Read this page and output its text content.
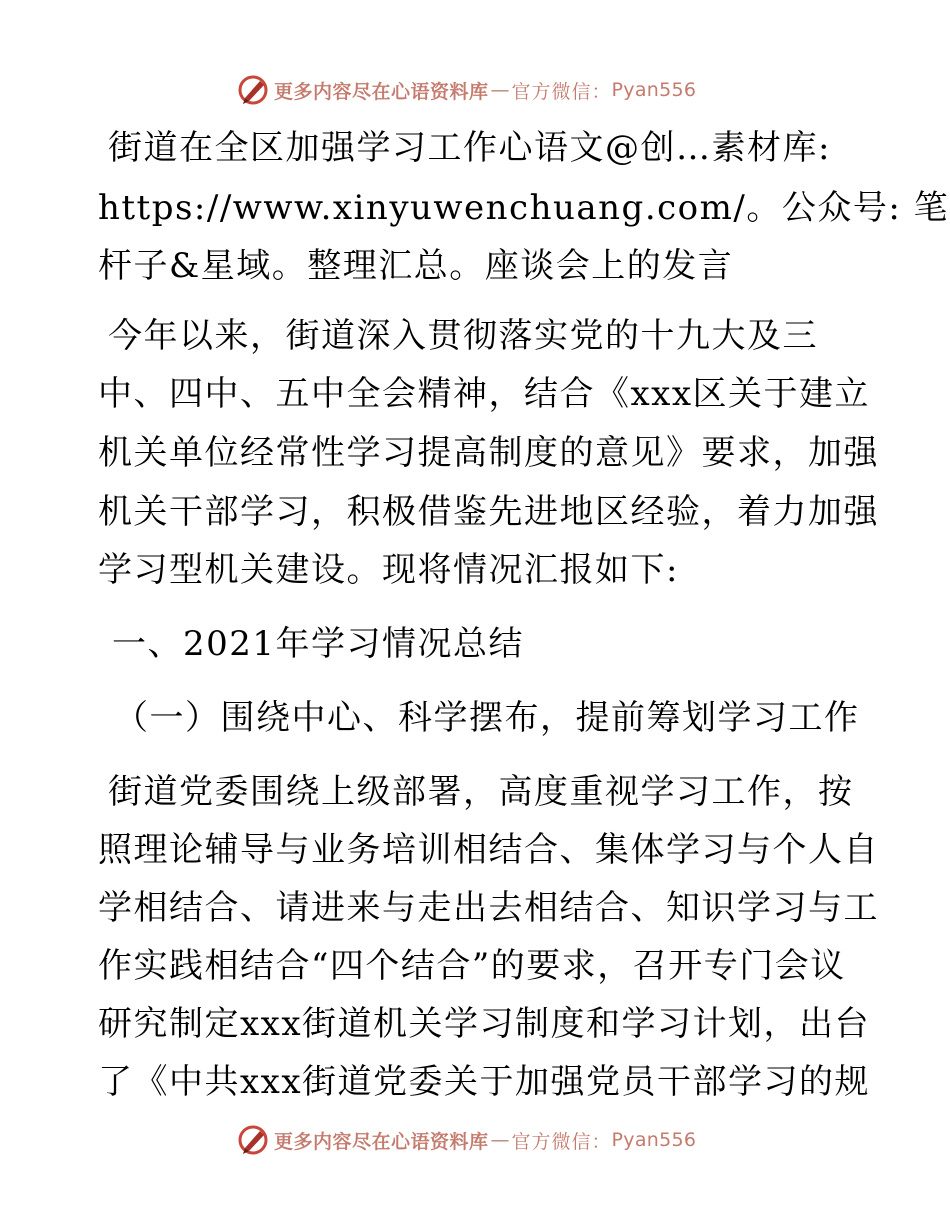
更多内容尽在心语资料库 — 官方微信： Pyan556
街道在全区加强学习工作心语文@创…素材库:
https://www.xinyuwenchuang.com/。公众号: 笔
杆子&星域。整理汇总。座谈会上的发言
今年以来，街道深入贯彻落实党的十九大及三
中、四中、五中全会精神，结合《xxx区关于建立
机关单位经常性学习提高制度的意见》要求，加强
机关干部学习，积极借鉴先进地区经验，着力加强
学习型机关建设。现将情况汇报如下:
一、2021年学习情况总结
（一）围绕中心、科学摆布，提前筹划学习工作
街道党委围绕上级部署，高度重视学习工作，按
照理论辅导与业务培训相结合、集体学习与个人自
学相结合、请进来与走出去相结合、知识学习与工
作实践相结合“四个结合”的要求，召开专门会议
研究制定xxx街道机关学习制度和学习计划，出台
了《中共xxx街道党委关于加强党员干部学习的规
更多内容尽在心语资料库 — 官方微信： Pyan556
